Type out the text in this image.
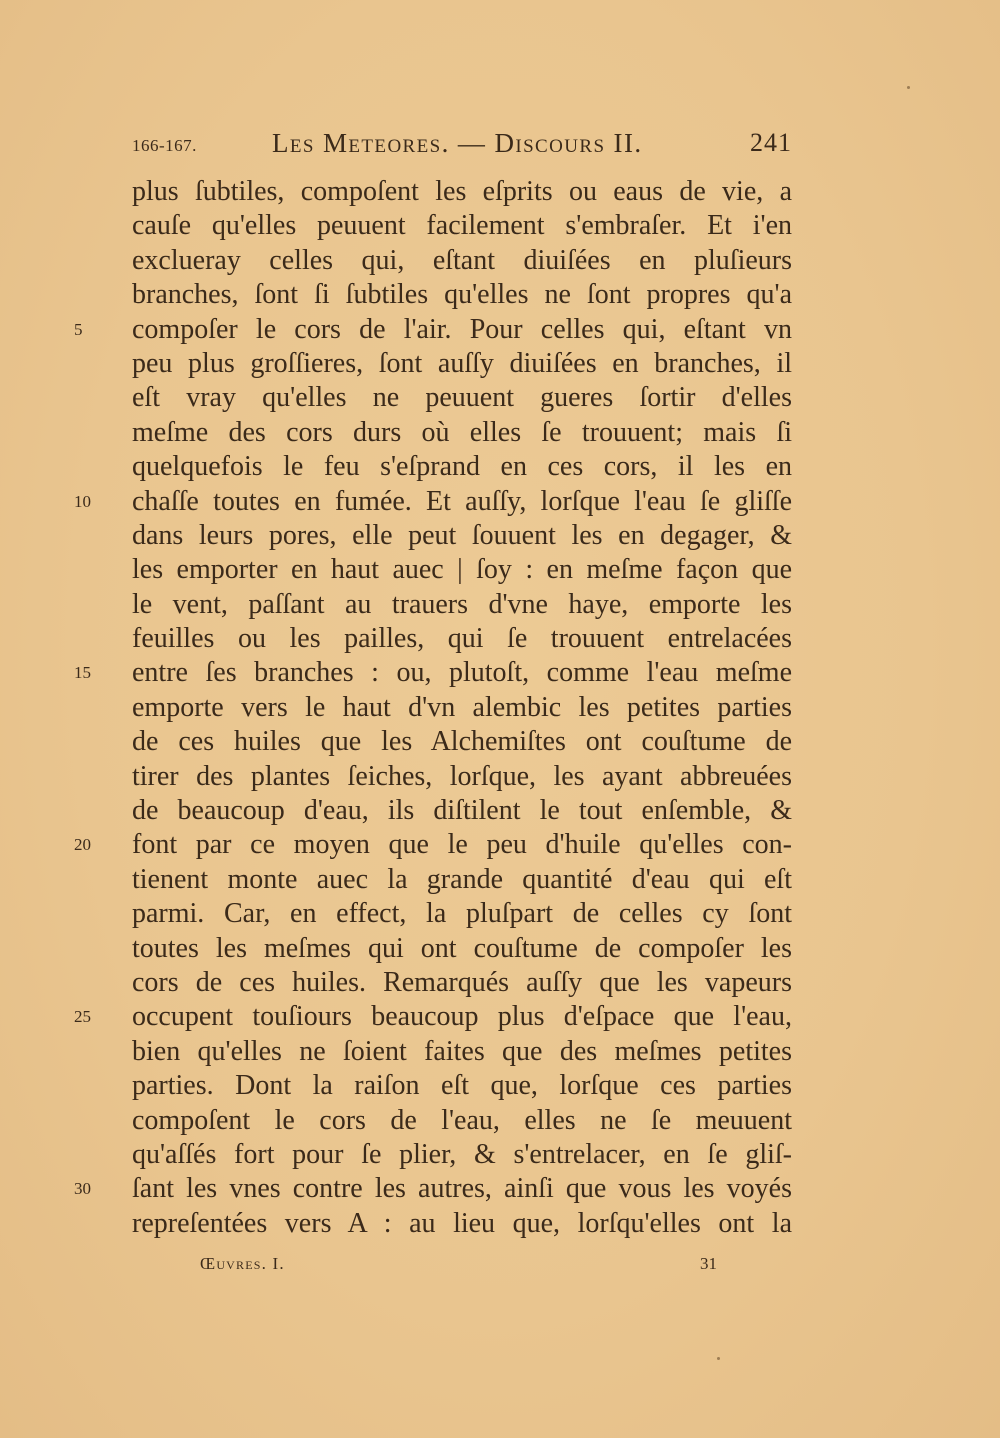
166-167.	Les Meteores. — Discours II.	241
plus ſubtiles, compoſent les eſprits ou eaus de vie, a
cauſe qu'elles peuuent facilement s'embraſer. Et i'en
exclueray celles qui, eſtant diuiſées en pluſieurs
branches, ſont ſi ſubtiles qu'elles ne ſont propres qu'a
5	compoſer le cors de l'air. Pour celles qui, eſtant vn
peu plus groſſieres, ſont auſſy diuiſées en branches, il
eſt vray qu'elles ne peuuent gueres ſortir d'elles
meſme des cors durs où elles ſe trouuent; mais ſi
quelquefois le feu s'eſprand en ces cors, il les en
10	chaſſe toutes en fumée. Et auſſy, lorſque l'eau ſe gliſſe
dans leurs pores, elle peut ſouuent les en degager, &
les emporter en haut auec | ſoy : en meſme façon que
le vent, paſſant au trauers d'vne haye, emporte les
feuilles ou les pailles, qui ſe trouuent entrelacées
15	entre ſes branches : ou, plutoſt, comme l'eau meſme
emporte vers le haut d'vn alembic les petites parties
de ces huiles que les Alchemiſtes ont couſtume de
tirer des plantes ſeiches, lorſque, les ayant abbreuées
de beaucoup d'eau, ils diſtilent le tout enſemble, &
20	font par ce moyen que le peu d'huile qu'elles con-
tienent monte auec la grande quantité d'eau qui eſt
parmi. Car, en effect, la pluſpart de celles cy ſont
toutes les meſmes qui ont couſtume de compoſer les
cors de ces huiles. Remarqués auſſy que les vapeurs
25	occupent touſiours beaucoup plus d'eſpace que l'eau,
bien qu'elles ne ſoient faites que des meſmes petites
parties. Dont la raiſon eſt que, lorſque ces parties
compoſent le cors de l'eau, elles ne ſe meuuent
qu'aſſés fort pour ſe plier, & s'entrelacer, en ſe gliſ-
30	ſant les vnes contre les autres, ainſi que vous les voyés
repreſentées vers A : au lieu que, lorſqu'elles ont la
Œuvres. I.	31
